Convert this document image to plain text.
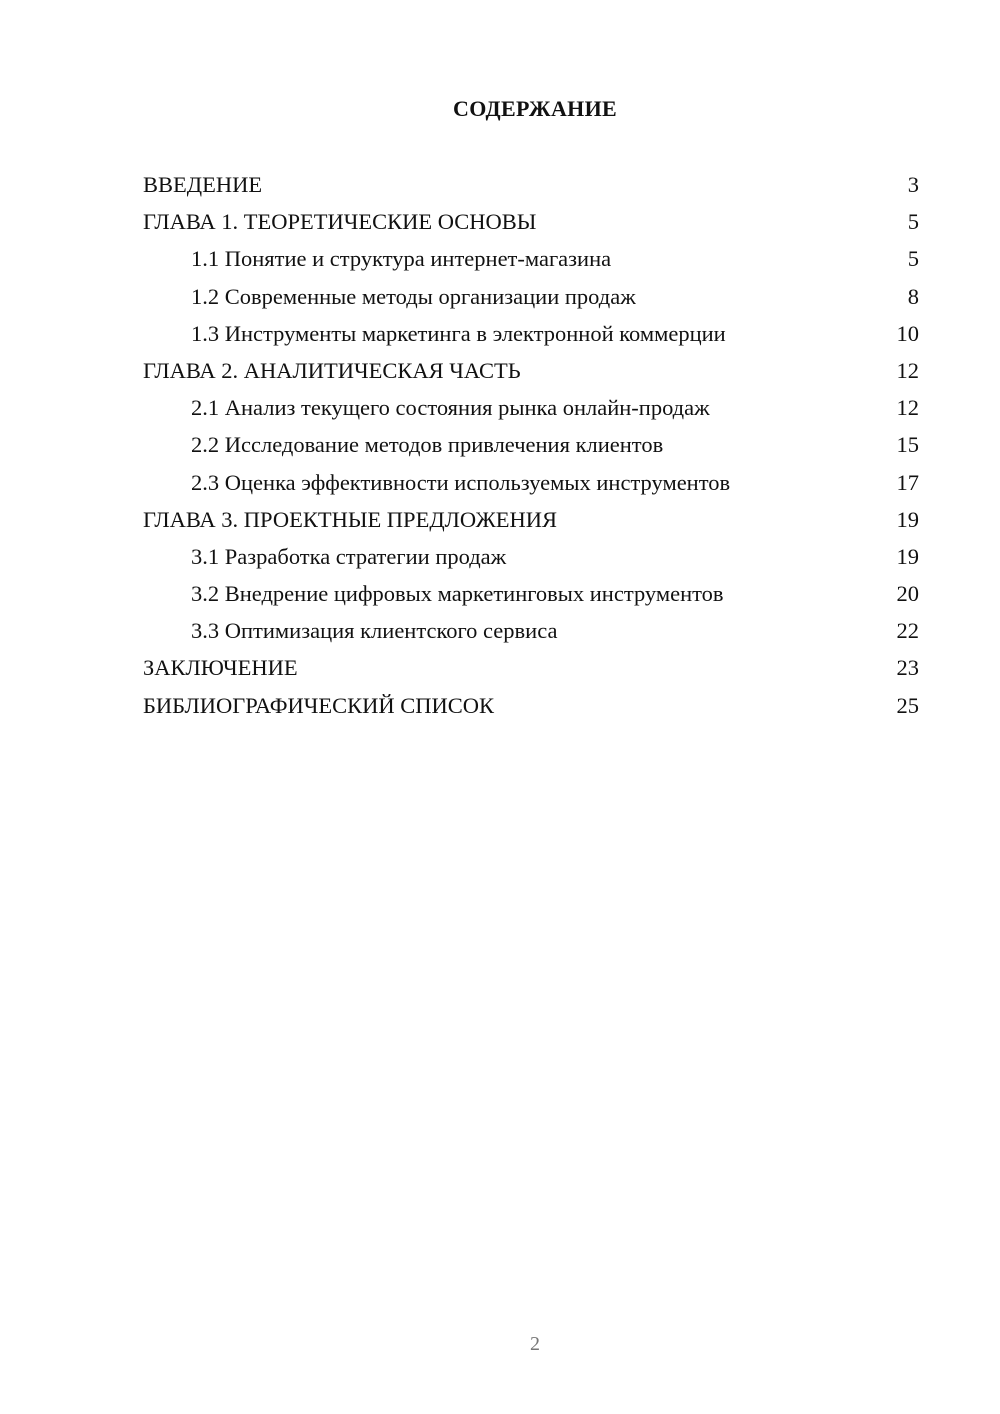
СОДЕРЖАНИЕ
ВВЕДЕНИЕ	3
ГЛАВА 1. ТЕОРЕТИЧЕСКИЕ ОСНОВЫ	5
1.1 Понятие и структура интернет-магазина	5
1.2 Современные методы организации продаж	8
1.3 Инструменты маркетинга в электронной коммерции	10
ГЛАВА 2. АНАЛИТИЧЕСКАЯ ЧАСТЬ	12
2.1 Анализ текущего состояния рынка онлайн-продаж	12
2.2 Исследование методов привлечения клиентов	15
2.3 Оценка эффективности используемых инструментов	17
ГЛАВА 3. ПРОЕКТНЫЕ ПРЕДЛОЖЕНИЯ	19
3.1 Разработка стратегии продаж	19
3.2 Внедрение цифровых маркетинговых инструментов	20
3.3 Оптимизация клиентского сервиса	22
ЗАКЛЮЧЕНИЕ	23
БИБЛИОГРАФИЧЕСКИЙ СПИСОК	25
2
